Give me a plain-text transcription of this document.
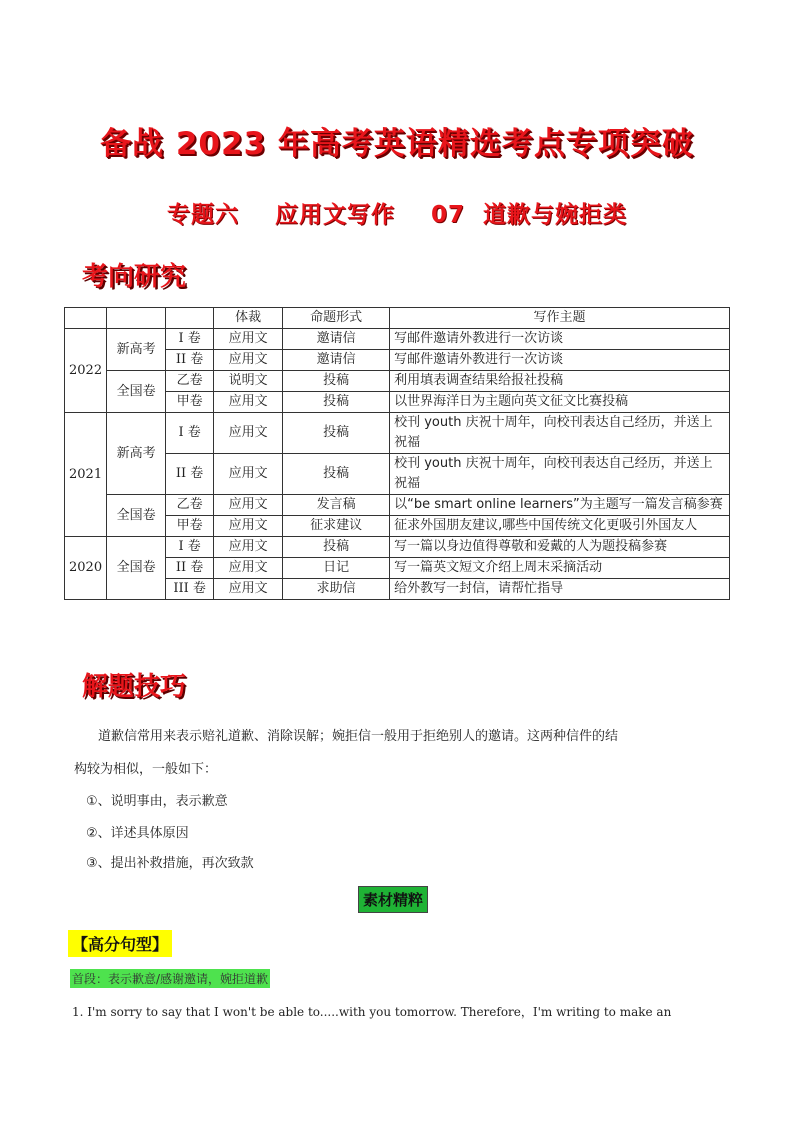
备战 2023 年高考英语精选考点专项突破
专题六    应用文写作    07  道歉与婉拒类
考向研究
			体裁	命题形式	写作主题
2022	新高考	I 卷	应用文	邀请信	写邮件邀请外教进行一次访谈
		II 卷	应用文	邀请信	写邮件邀请外教进行一次访谈
	全国卷	乙卷	说明文	投稿	利用填表调查结果给报社投稿
		甲卷	应用文	投稿	以世界海洋日为主题向英文征文比赛投稿
2021	新高考	I 卷	应用文	投稿	校刊 youth 庆祝十周年，向校刊表达自己经历，并送上祝福
		II 卷	应用文	投稿	校刊 youth 庆祝十周年，向校刊表达自己经历，并送上祝福
	全国卷	乙卷	应用文	发言稿	以“be smart online learners”为主题写一篇发言稿参赛
		甲卷	应用文	征求建议	征求外国朋友建议,哪些中国传统文化更吸引外国友人
2020	全国卷	I 卷	应用文	投稿	写一篇以身边值得尊敬和爱戴的人为题投稿参赛
		II 卷	应用文	日记	写一篇英文短文介绍上周末采摘活动
		III 卷	应用文	求助信	给外教写一封信，请帮忙指导
解题技巧

道歉信常用来表示赔礼道歉、消除误解；婉拒信一般用于拒绝别人的邀请。这两种信件的结

构较为相似，一般如下：

①、说明事由，表示歉意

②、详述具体原因

③、提出补救措施，再次致款

素材精粹

【高分句型】

首段：表示歉意/感谢邀请，婉拒道歉

1. I'm sorry to say that I won't be able to.....with you tomorrow. Therefore，I'm writing to make an
